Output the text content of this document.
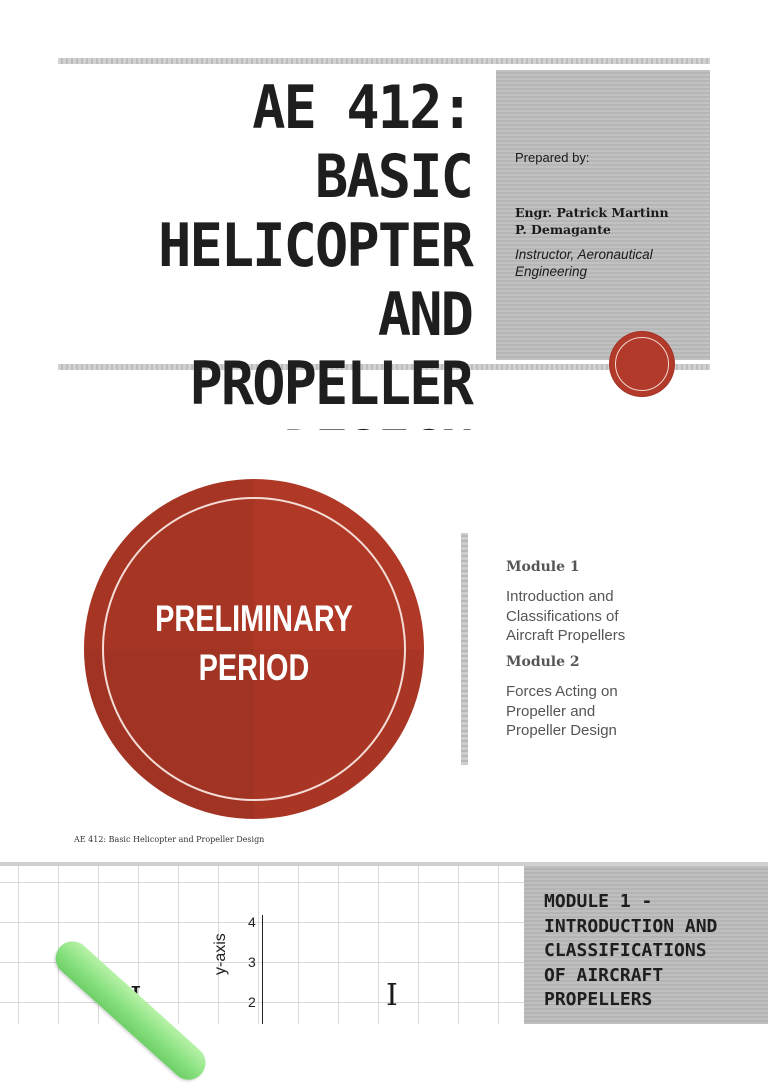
AE 412: BASIC
HELICOPTER AND
PROPELLER
Prepared by:
Engr. Patrick Martinn
P. Demagante
Instructor, Aeronautical
Engineering
PRELIMINARY
PERIOD
Module 1
Introduction and
Classifications of
Aircraft Propellers
Module 2
Forces Acting on
Propeller and
Propeller Design
AE 412: Basic Helicopter and Propeller Design
y-axis
4
3
2	I
MODULE 1 -
INTRODUCTION AND
CLASSIFICATIONS
OF AIRCRAFT
PROPELLERS
